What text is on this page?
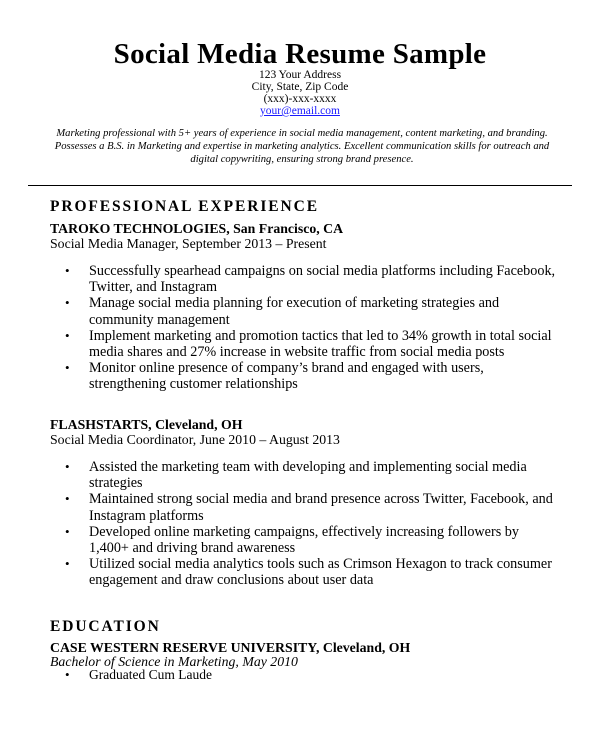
Social Media Resume Sample
123 Your Address
City, State, Zip Code
(xxx)-xxx-xxxx
your@email.com
Marketing professional with 5+ years of experience in social media management, content marketing, and branding. Possesses a B.S. in Marketing and expertise in marketing analytics. Excellent communication skills for outreach and digital copywriting, ensuring strong brand presence.
PROFESSIONAL EXPERIENCE
TAROKO TECHNOLOGIES, San Francisco, CA
Social Media Manager, September 2013 – Present
• Successfully spearhead campaigns on social media platforms including Facebook, Twitter, and Instagram
• Manage social media planning for execution of marketing strategies and community management
• Implement marketing and promotion tactics that led to 34% growth in total social media shares and 27% increase in website traffic from social media posts
• Monitor online presence of company’s brand and engaged with users, strengthening customer relationships
FLASHSTARTS, Cleveland, OH
Social Media Coordinator, June 2010 – August 2013
• Assisted the marketing team with developing and implementing social media strategies
• Maintained strong social media and brand presence across Twitter, Facebook, and Instagram platforms
• Developed online marketing campaigns, effectively increasing followers by 1,400+ and driving brand awareness
• Utilized social media analytics tools such as Crimson Hexagon to track consumer engagement and draw conclusions about user data
EDUCATION
CASE WESTERN RESERVE UNIVERSITY, Cleveland, OH
Bachelor of Science in Marketing, May 2010
• Graduated Cum Laude
